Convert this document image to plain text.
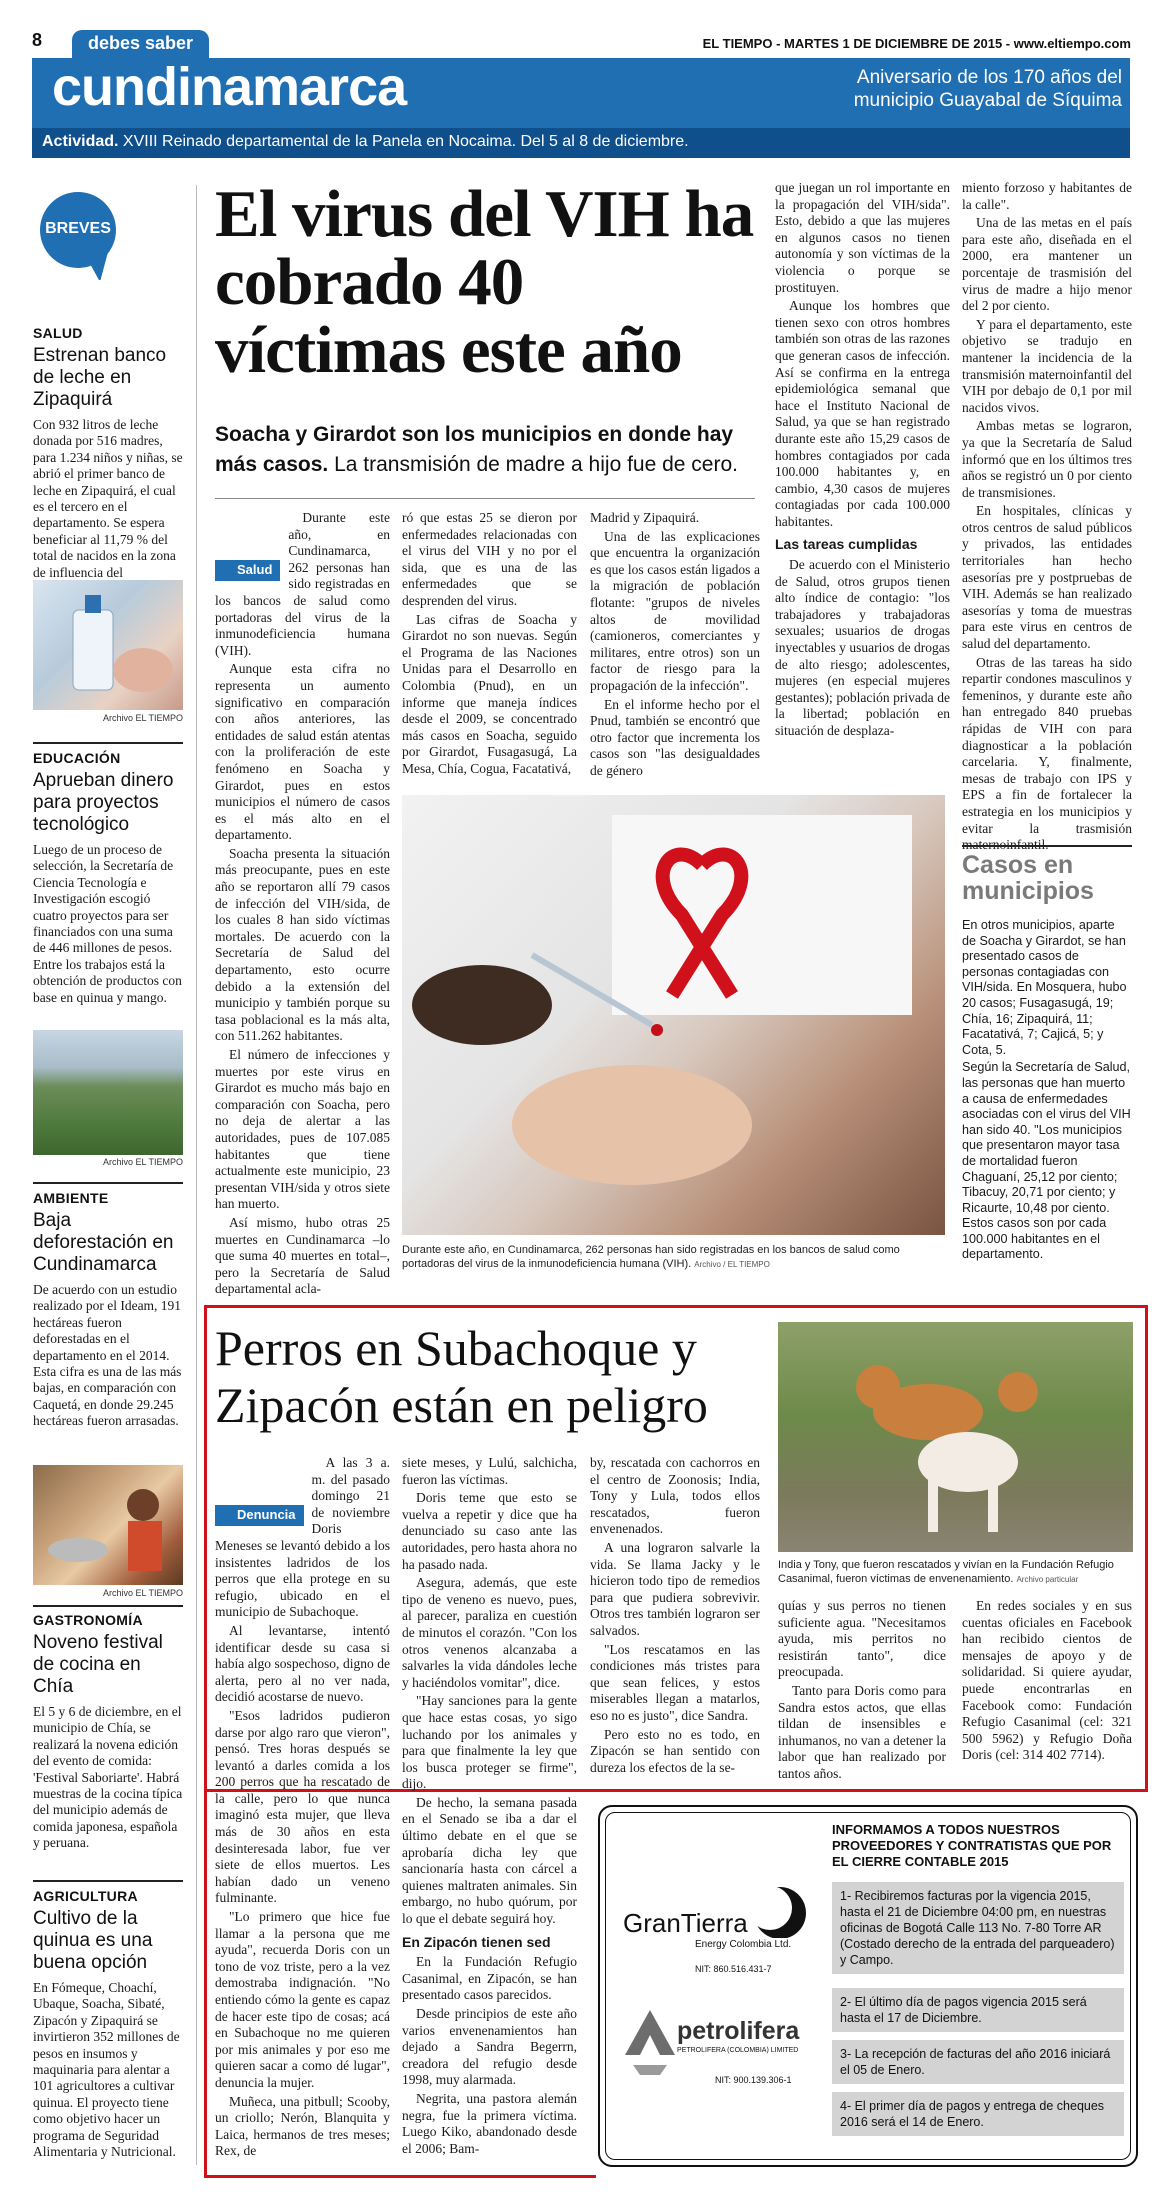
8	debes saber	EL TIEMPO - MARTES 1 DE DICIEMBRE DE 2015 - www.eltiempo.com
cundinamarca	Aniversario de los 170 años del municipio Guayabal de Síquima
Actividad. XVIII Reinado departamental de la Panela en Nocaima. Del 5 al 8 de diciembre.
BREVES
SALUD
Estrenan banco de leche en Zipaquirá
Con 932 litros de leche donada por 516 madres, para 1.234 niños y niñas, se abrió el primer banco de leche en Zipaquirá, el cual es el tercero en el departamento. Se espera beneficiar al 11,79 % del total de nacidos en la zona de influencia del
Archivo EL TIEMPO
EDUCACIÓN
Aprueban dinero para proyectos tecnológico
Luego de un proceso de selección, la Secretaría de Ciencia Tecnología e Investigación escogió cuatro proyectos para ser financiados con una suma de 446 millones de pesos. Entre los trabajos está la obtención de productos con base en quinua y mango.
Archivo EL TIEMPO
AMBIENTE
Baja deforestación en Cundinamarca
De acuerdo con un estudio realizado por el Ideam, 191 hectáreas fueron deforestadas en el departamento en el 2014. Esta cifra es una de las más bajas, en comparación con Caquetá, en donde 29.245 hectáreas fueron arrasadas.
Archivo EL TIEMPO
GASTRONOMÍA
Noveno festival de cocina en Chía
El 5 y 6 de diciembre, en el municipio de Chía, se realizará la novena edición del evento de comida: 'Festival Saboriarte'. Habrá muestras de la cocina típica del municipio además de comida japonesa, española y peruana.
AGRICULTURA
Cultivo de la quinua es una buena opción
En Fómeque, Choachí, Ubaque, Soacha, Sibaté, Zipacón y Zipaquirá se invirtieron 352 millones de pesos en insumos y maquinaria para alentar a 101 agricultores a cultivar quinua. El proyecto tiene como objetivo hacer un programa de Seguridad Alimentaria y Nutricional.
El virus del VIH ha cobrado 40 víctimas este año
Soacha y Girardot son los municipios en donde hay más casos. La transmisión de madre a hijo fue de cero.

Salud
Durante este año, en Cundinamarca, 262 personas han sido registradas en los bancos de salud como portadoras del virus de la inmunodeficiencia humana (VIH).

Aunque esta cifra no representa un aumento significativo en comparación con años anteriores, las entidades de salud están atentas con la proliferación de este fenómeno en Soacha y Girardot, pues en estos municipios el número de casos es el más alto en el departamento.

Soacha presenta la situación más preocupante, pues en este año se reportaron allí 79 casos de infección del VIH/sida, de los cuales 8 han sido víctimas mortales. De acuerdo con la Secretaría de Salud del departamento, esto ocurre debido a la extensión del municipio y también porque su tasa poblacional es la más alta, con 511.262 habitantes.

El número de infecciones y muertes por este virus en Girardot es mucho más bajo en comparación con Soacha, pero no deja de alertar a las autoridades, pues de 107.085 habitantes que tiene actualmente este municipio, 23 presentan VIH/sida y otros siete han muerto.

Así mismo, hubo otras 25 muertes en Cundinamarca –lo que suma 40 muertes en total–, pero la Secretaría de Salud departamental acla-

ró que estas 25 se dieron por enfermedades relacionadas con el virus del VIH y no por el sida, que es una de las enfermedades que se desprenden del virus.

Las cifras de Soacha y Girardot no son nuevas. Según el Programa de las Naciones Unidas para el Desarrollo en Colombia (Pnud), en un informe que maneja índices desde el 2009, se concentrado más casos en Soacha, seguido por Girardot, Fusagasugá, La Mesa, Chía, Cogua, Facatativá,

Madrid y Zipaquirá.

Una de las explicaciones que encuentra la organización es que los casos están ligados a la migración de población flotante: "grupos de niveles altos de movilidad (camioneros, comerciantes y militares, entre otros) son un factor de riesgo para la propagación de la infección".

En el informe hecho por el Pnud, también se encontró que otro factor que incrementa los casos son "las desigualdades de género

Durante este año, en Cundinamarca, 262 personas han sido registradas en los bancos de salud como portadoras del virus de la inmunodeficiencia humana (VIH). Archivo / EL TIEMPO

que juegan un rol importante en la propagación del VIH/sida". Esto, debido a que las mujeres en algunos casos no tienen autonomía y son víctimas de la violencia o porque se prostituyen.

Aunque los hombres que tienen sexo con otros hombres también son otras de las razones que generan casos de infección. Así se confirma en la entrega epidemiológica semanal que hace el Instituto Nacional de Salud, ya que se han registrado durante este año 15,29 casos de hombres contagiados por cada 100.000 habitantes y, en cambio, 4,30 casos de mujeres contagiadas por cada 100.000 habitantes.

Las tareas cumplidas

De acuerdo con el Ministerio de Salud, otros grupos tienen alto índice de contagio: "los trabajadores y trabajadoras sexuales; usuarios de drogas inyectables y usuarios de drogas de alto riesgo; adolescentes, mujeres (en especial mujeres gestantes); población privada de la libertad; población en situación de desplaza-

miento forzoso y habitantes de la calle".

Una de las metas en el país para este año, diseñada en el 2000, era mantener un porcentaje de trasmisión del virus de madre a hijo menor del 2 por ciento.

Y para el departamento, este objetivo se tradujo en mantener la incidencia de la transmisión maternoinfantil del VIH por debajo de 0,1 por mil nacidos vivos.

Ambas metas se lograron, ya que la Secretaría de Salud informó que en los últimos tres años se registró un 0 por ciento de transmisiones.

En hospitales, clínicas y otros centros de salud públicos y privados, las entidades territoriales han hecho asesorías pre y postpruebas de VIH. Además se han realizado asesorías y toma de muestras para este virus en centros de salud del departamento.

Otras de las tareas ha sido repartir condones masculinos y femeninos, y durante este año han entregado 840 pruebas rápidas de VIH con para diagnosticar a la población carcelaria. Y, finalmente, mesas de trabajo con IPS y EPS a fin de fortalecer la estrategia en los municipios y evitar la trasmisión

Casos en municipios

En otros municipios, aparte de Soacha y Girardot, se han presentado casos de personas contagiadas con VIH/sida. En Mosquera, hubo 20 casos; Fusagasugá, 19; Chía, 16; Zipaquirá, 11; Facatativá, 7; Cajicá, 5; y Cota, 5.

Según la Secretaría de Salud, las personas que han muerto a causa de enfermedades asociadas con el virus del VIH han sido 40. "Los municipios que presentaron mayor tasa de mortalidad fueron Chaguaní, 25,12 por ciento; Tibacuy, 20,71 por ciento; y Ricaurte, 10,48 por ciento. Estos casos son por cada 100.000 habitantes en el departamento.

Perros en Subachoque y Zipacón están en peligro

Denuncia
A las 3 a. m. del pasado domingo 21 de noviembre Doris Meneses se levantó debido a los insistentes ladridos de los perros que ella protege en su refugio, ubicado en el municipio de Subachoque.

Al levantarse, intentó identificar desde su casa si había algo sospechoso, digno de alerta, pero al no ver nada, decidió acostarse de nuevo.

"Esos ladridos pudieron darse por algo raro que vieron", pensó. Tres horas después se levantó a darles comida a los 200 perros que ha rescatado de la calle, pero lo que nunca imaginó esta mujer, que lleva más de 30 años en esta desinteresada labor, fue ver siete de ellos muertos. Les habían dado un veneno fulminante.

"Lo primero que hice fue llamar a la persona que me ayuda", recuerda Doris con un tono de voz triste, pero a la vez demostraba indignación. "No entiendo cómo la gente es capaz de hacer este tipo de cosas; acá en Subachoque no me quieren por mis animales y por eso me quieren sacar a como dé lugar", denuncia la mujer.

Muñeca, una pitbull; Scooby, un criollo; Nerón, Blanquita y Laica, hermanos de tres meses; Rex, de

siete meses, y Lulú, salchicha, fueron las víctimas.

Doris teme que esto se vuelva a repetir y dice que ha denunciado su caso ante las autoridades, pero hasta ahora no ha pasado nada.

Asegura, además, que este tipo de veneno es nuevo, pues, al parecer, paraliza en cuestión de minutos el corazón. "Con los otros venenos alcanzaba a salvarles la vida dándoles leche y haciéndolos vomitar", dice.

"Hay sanciones para la gente que hace estas cosas, yo sigo luchando por los animales y para que finalmente la ley que los busca proteger se firme", dijo.

De hecho, la semana pasada en el Senado se iba a dar el último debate en el que se aprobaría dicha ley que sancionaría hasta con cárcel a quienes maltraten animales. Sin embargo, no hubo quórum, por lo que el debate seguirá hoy.

En Zipacón tienen sed

En la Fundación Refugio Casanimal, en Zipacón, se han presentado casos parecidos.

Desde principios de este año varios envenenamientos han dejado a Sandra Begerrn, creadora del refugio desde 1998, muy alarmada.

Negrita, una pastora alemán negra, fue la primera víctima. Luego Kiko, abandonado desde el 2006; Bam-

by, rescatada con cachorros en el centro de Zoonosis; India, Tony y Lula, todos ellos rescatados, fueron envenenados.

A una lograron salvarle la vida. Se llama Jacky y le hicieron todo tipo de remedios para que pudiera sobrevivir. Otros tres también lograron ser salvados.

"Los rescatamos en las condiciones más tristes para que sean felices, y estos miserables llegan a matarlos, eso no es justo", dice Sandra.

Pero esto no es todo, en Zipacón se han sentido con dureza los efectos de la se-

India y Tony, que fueron rescatados y vivían en la Fundación Refugio Casanimal, fueron víctimas de envenenamiento. Archivo particular

quías y sus perros no tienen suficiente agua. "Necesitamos ayuda, mis perritos no resistirán tanto", dice preocupada.

Tanto para Doris como para Sandra estos actos, que ellas tildan de insensibles e inhumanos, no van a detener la labor que han realizado por tantos años.

En redes sociales y en sus cuentas oficiales en Facebook han recibido cientos de mensajes de apoyo y de solidaridad. Si quiere ayudar, puede encontrarlas en Facebook como: Fundación Refugio Casanimal (cel: 321 500 5962) y Refugio Doña Doris (cel: 314 402 7714).

INFORMAMOS A TODOS NUESTROS PROVEEDORES Y CONTRATISTAS QUE POR EL CIERRE CONTABLE 2015
GranTierra
Energy Colombia Ltd.
NIT: 860.516.431-7
petrolifera
PETROLIFERA (COLOMBIA) LIMITED
NIT: 900.139.306-1
1- Recibiremos facturas por la vigencia 2015, hasta el 21 de Diciembre 04:00 pm, en nuestras oficinas de Bogotá Calle 113 No. 7-80 Torre AR (Costado derecho de la entrada del parqueadero) y Campo.
2- El último día de pagos vigencia 2015 será hasta el 17 de Diciembre.
3- La recepción de facturas del año 2016 iniciará el 05 de Enero.
4- El primer día de pagos y entrega de cheques 2016 será el 14 de Enero.
